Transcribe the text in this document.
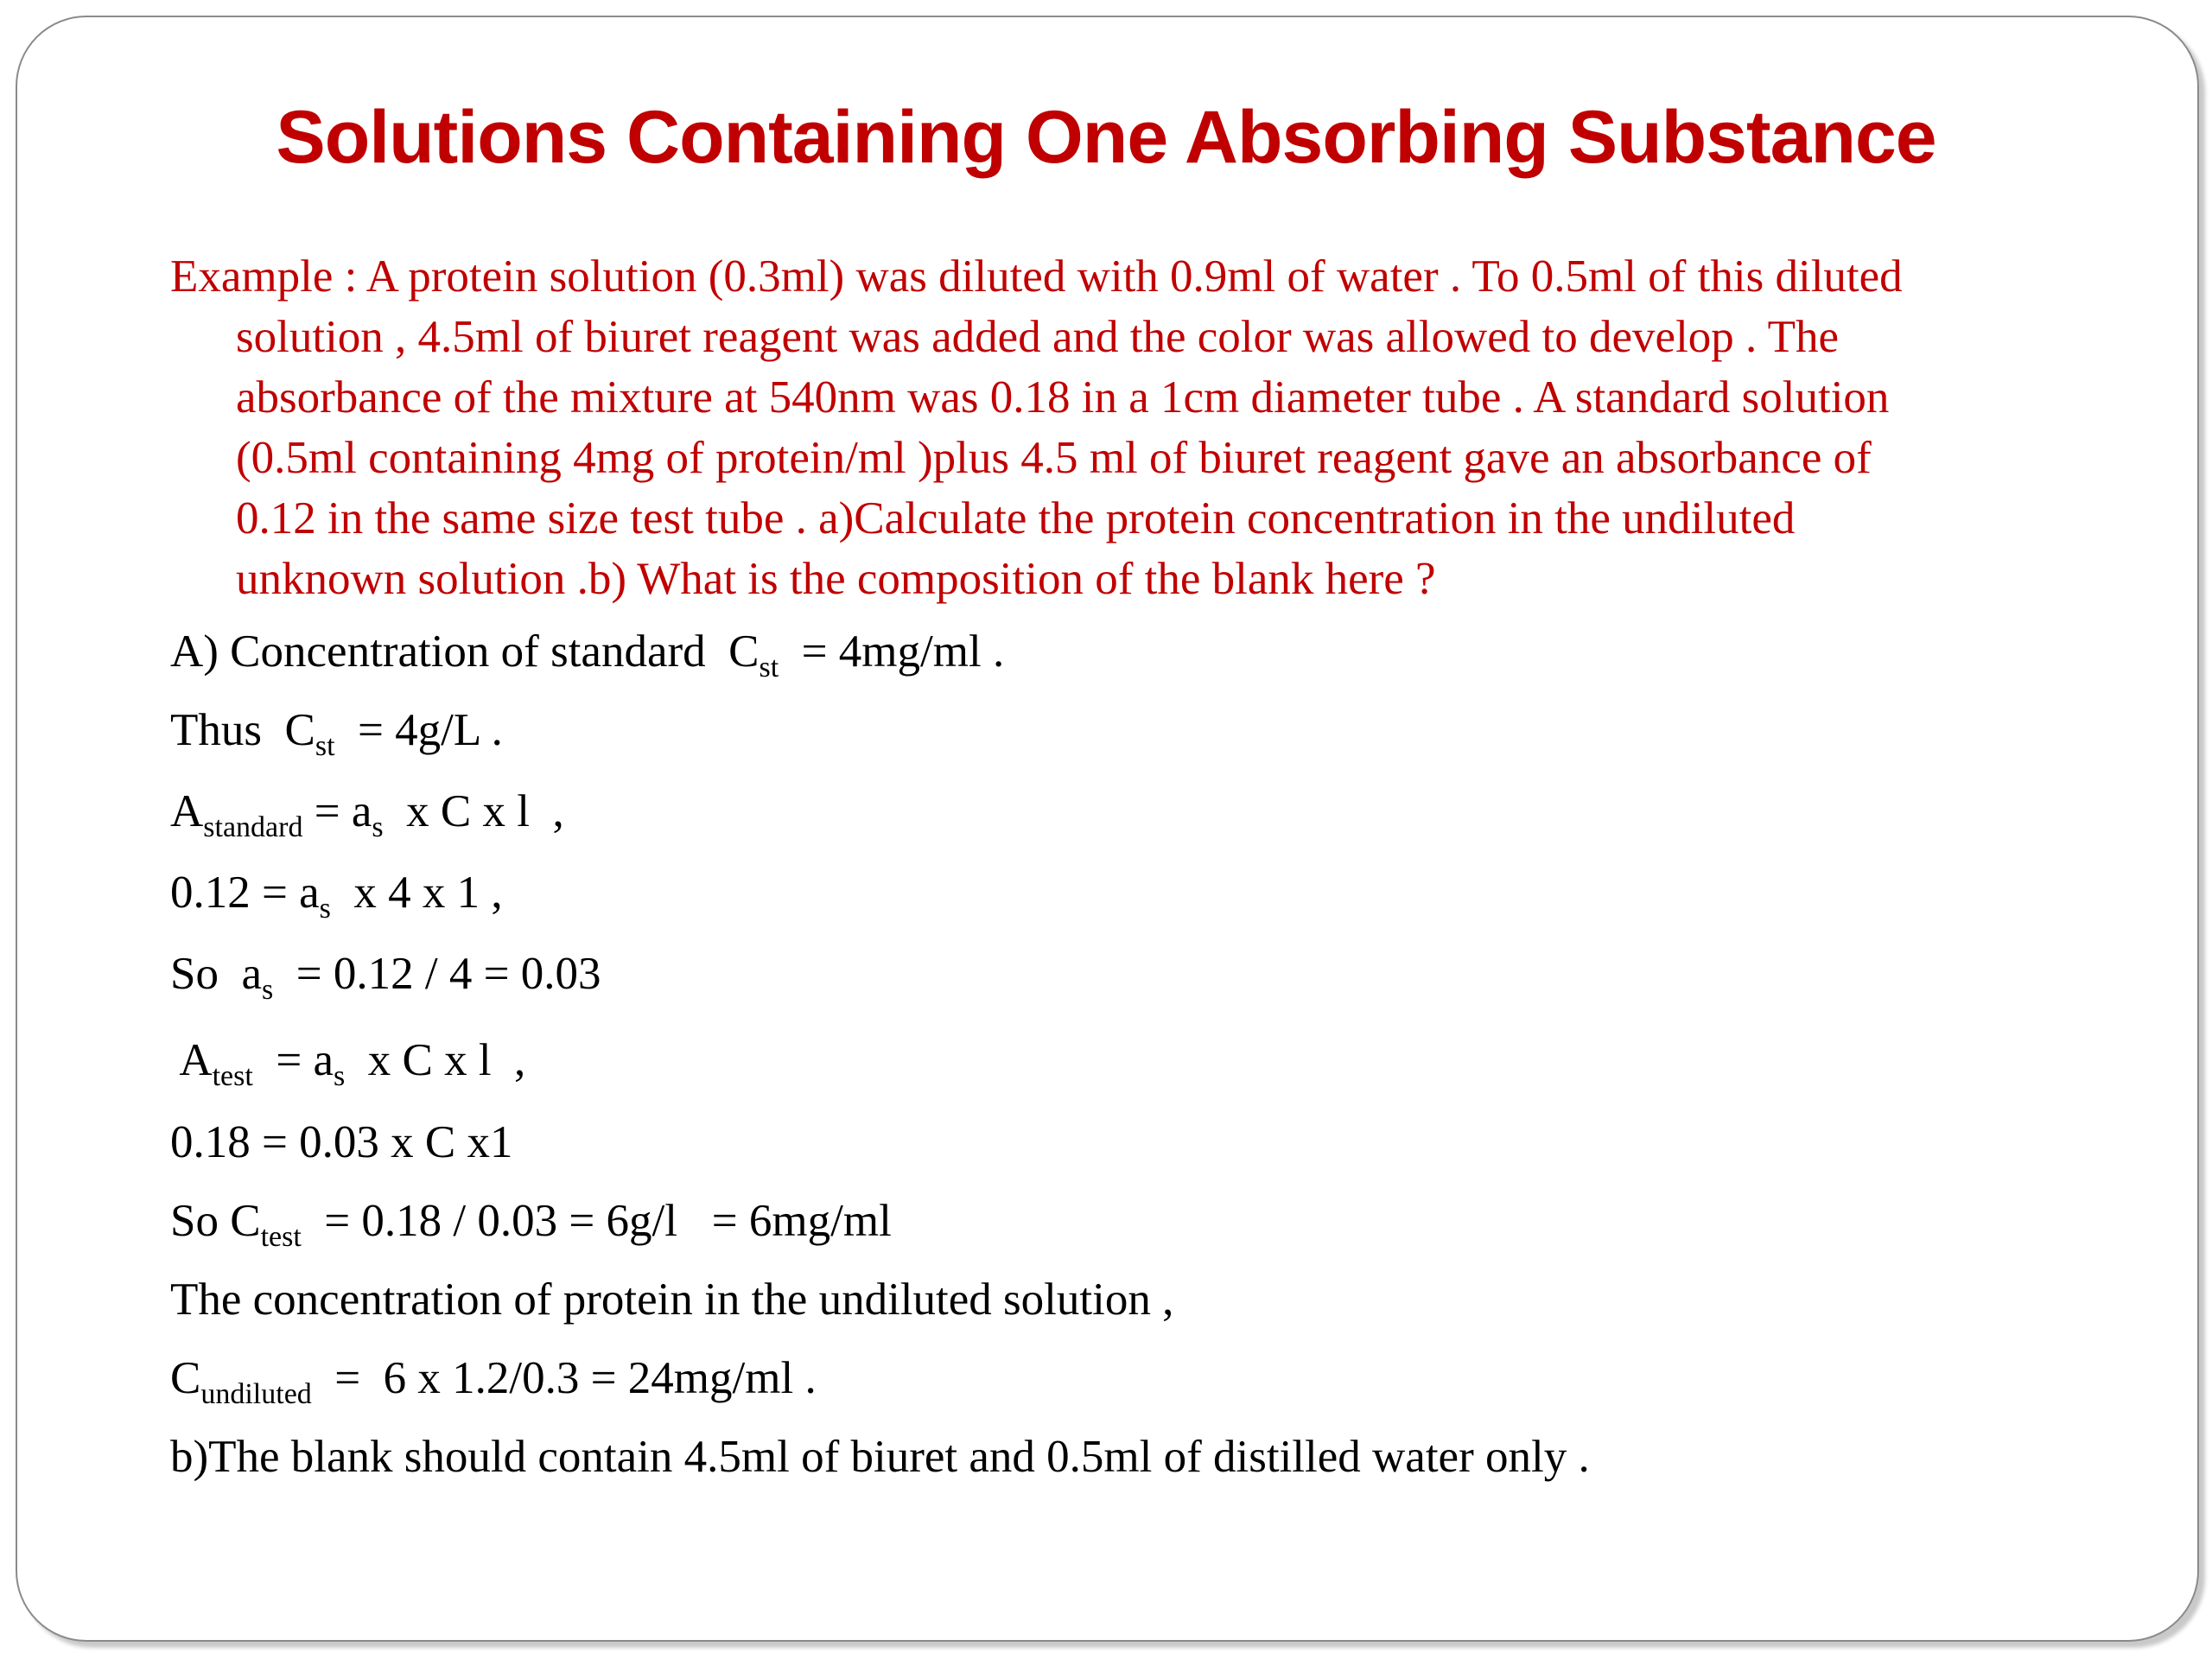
Solutions Containing One Absorbing Substance
Example : A protein solution (0.3ml) was diluted with 0.9ml of water . To 0.5ml of this diluted
solution , 4.5ml of biuret reagent was added and the color was allowed to develop . The
absorbance of the mixture at 540nm was 0.18 in a 1cm diameter tube . A standard solution
(0.5ml containing 4mg of protein/ml )plus 4.5 ml of biuret reagent gave an absorbance of
0.12 in the same size test tube . a)Calculate the protein concentration in the undiluted
unknown solution .b) What is the composition of the blank here ?
A) Concentration of standard  $C_{st} = 4mg/ml$ .
Thus  $C_{st} = 4g/L$ .
$A_{standard} = a_s$  x C x l  ,
$0.12 = a_s$  x 4 x 1 ,
So  $a_s = 0.12 / 4 = 0.03$
$A_{test} = a_s$  x C x l  ,
0.18 = 0.03 x C x1
So $C_{test} = 0.18 / 0.03 = 6g/l = 6mg/ml$
The concentration of protein in the undiluted solution ,
$C_{undiluted} = 6$ x 1.2/0.3 = 24mg/ml .
b)The blank should contain 4.5ml of biuret and 0.5ml of distilled water only .
